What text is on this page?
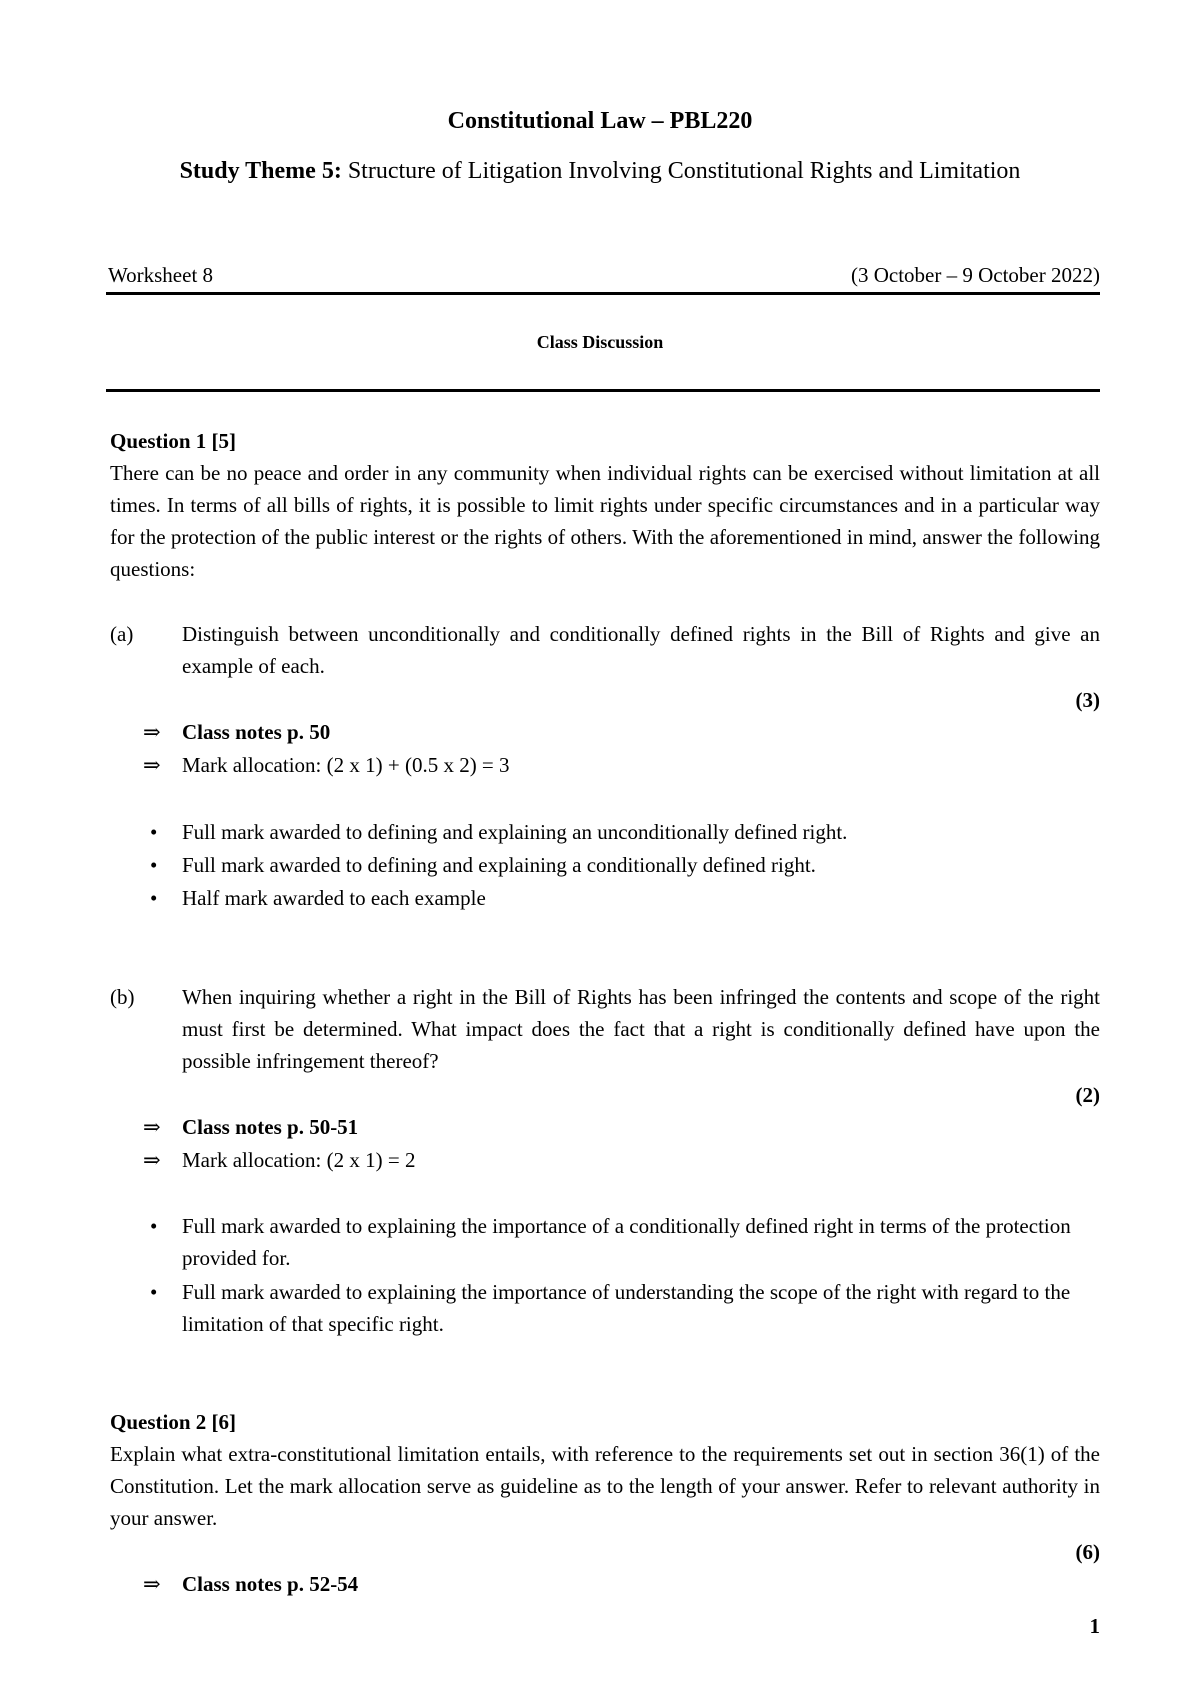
Constitutional Law – PBL220
Study Theme 5: Structure of Litigation Involving Constitutional Rights and Limitation
Worksheet 8	(3 October – 9 October 2022)
Class Discussion
Question 1 [5]
There can be no peace and order in any community when individual rights can be exercised without limitation at all times. In terms of all bills of rights, it is possible to limit rights under specific circumstances and in a particular way for the protection of the public interest or the rights of others. With the aforementioned in mind, answer the following questions:
(a) Distinguish between unconditionally and conditionally defined rights in the Bill of Rights and give an example of each.
(3)
⇒ Class notes p. 50
⇒ Mark allocation: (2 x 1) + (0.5 x 2) = 3
• Full mark awarded to defining and explaining an unconditionally defined right.
• Full mark awarded to defining and explaining a conditionally defined right.
• Half mark awarded to each example
(b) When inquiring whether a right in the Bill of Rights has been infringed the contents and scope of the right must first be determined. What impact does the fact that a right is conditionally defined have upon the possible infringement thereof?
(2)
⇒ Class notes p. 50-51
⇒ Mark allocation: (2 x 1) = 2
• Full mark awarded to explaining the importance of a conditionally defined right in terms of the protection provided for.
• Full mark awarded to explaining the importance of understanding the scope of the right with regard to the limitation of that specific right.
Question 2 [6]
Explain what extra-constitutional limitation entails, with reference to the requirements set out in section 36(1) of the Constitution. Let the mark allocation serve as guideline as to the length of your answer. Refer to relevant authority in your answer.
(6)
⇒ Class notes p. 52-54
1
